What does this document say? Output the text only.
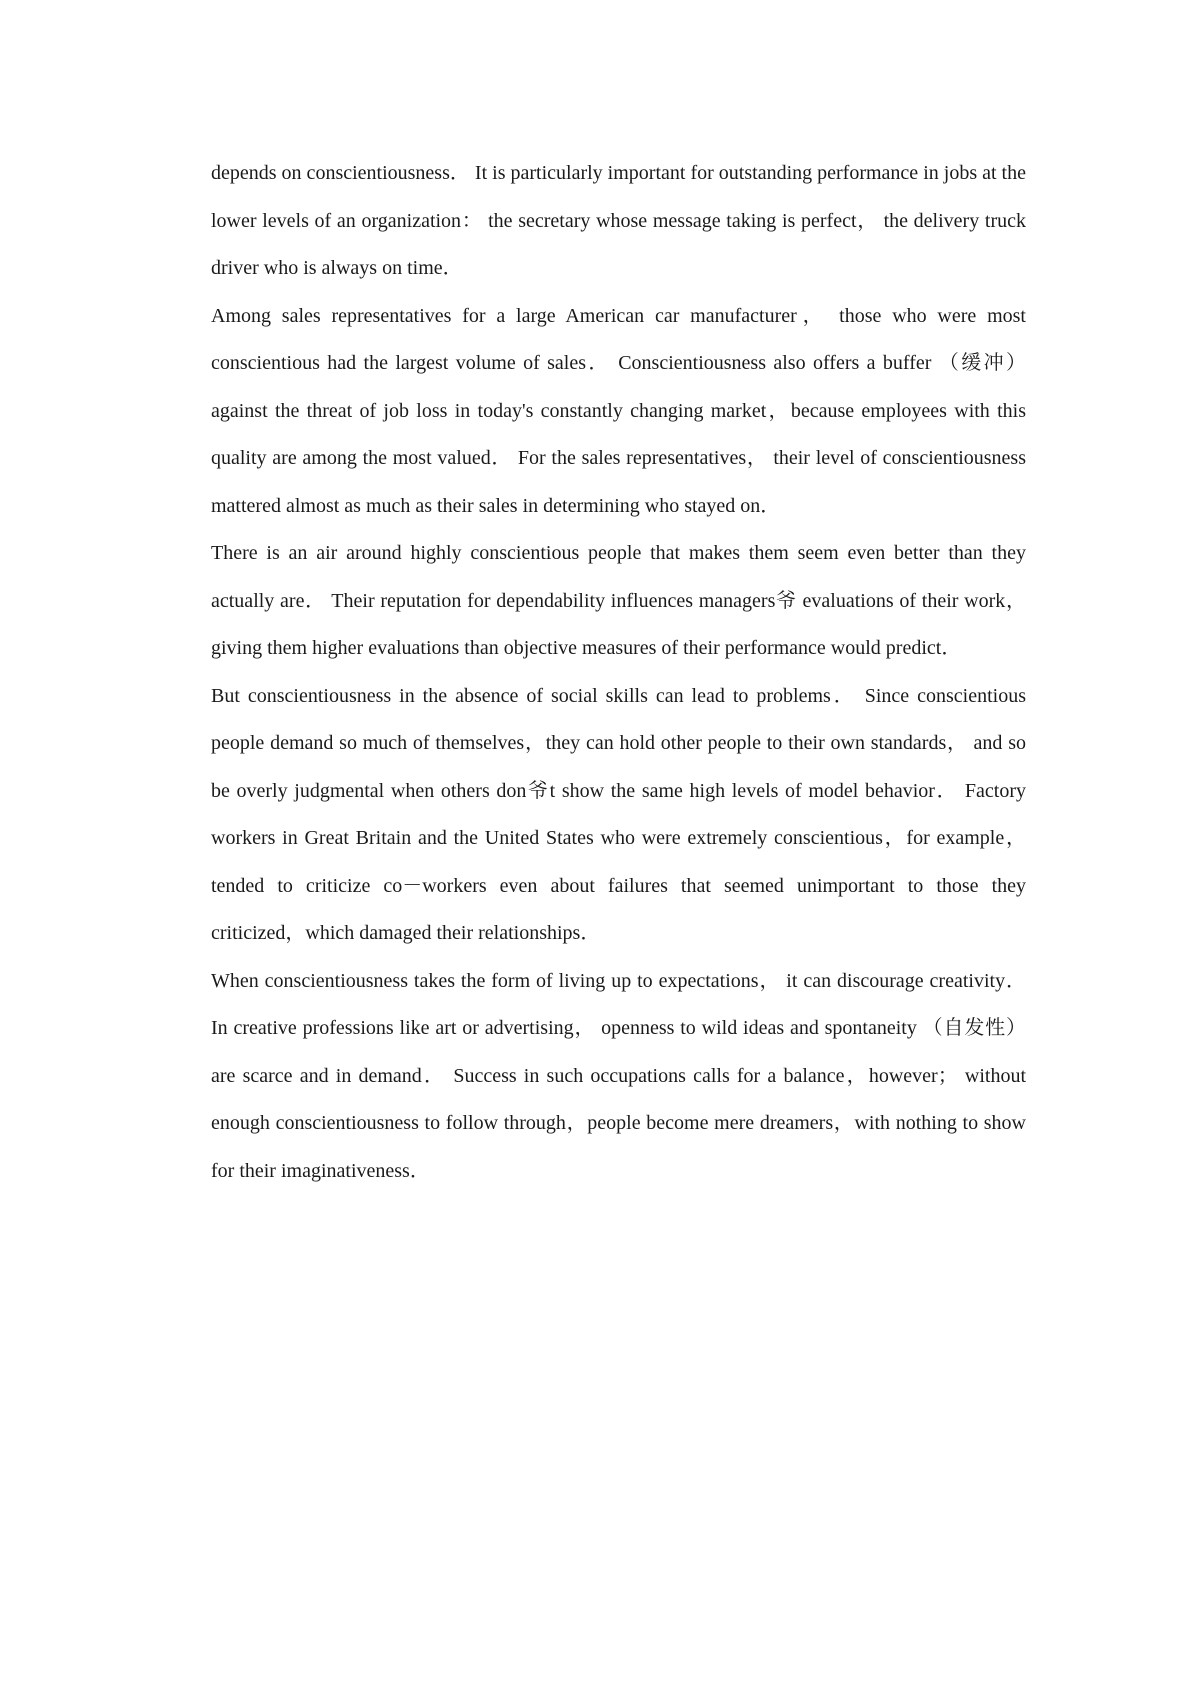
depends on conscientiousness． It is particularly important for outstanding performance in jobs at the lower levels of an organization： the secretary whose message taking is perfect， the delivery truck driver who is always on time．

Among sales representatives for a large American car manufacturer， those who were most conscientious had the largest volume of sales． Conscientiousness also offers a buffer （缓冲） against the threat of job loss in today's constantly changing market，because employees with this quality are among the most valued． For the sales representatives， their level of conscientiousness mattered almost as much as their sales in determining who stayed on．

There is an air around highly conscientious people that makes them seem even better than they actually are． Their reputation for dependability influences managers爷 evaluations of their work， giving them higher evaluations than objective measures of their performance would predict．

But conscientiousness in the absence of social skills can lead to problems． Since conscientious people demand so much of themselves，they can hold other people to their own standards， and so be overly judgmental when others don爷t show the same high levels of model behavior． Factory workers in Great Britain and the United States who were extremely conscientious，for example，tended to criticize co－workers even about failures that seemed unimportant to those they criticized，which damaged their relationships．

When conscientiousness takes the form of living up to expectations， it can discourage creativity． In creative professions like art or advertising， openness to wild ideas and spontaneity （自发性） are scarce and in demand． Success in such occupations calls for a balance，however； without enough conscientiousness to follow through，people become mere dreamers，with nothing to show for their imaginativeness．
